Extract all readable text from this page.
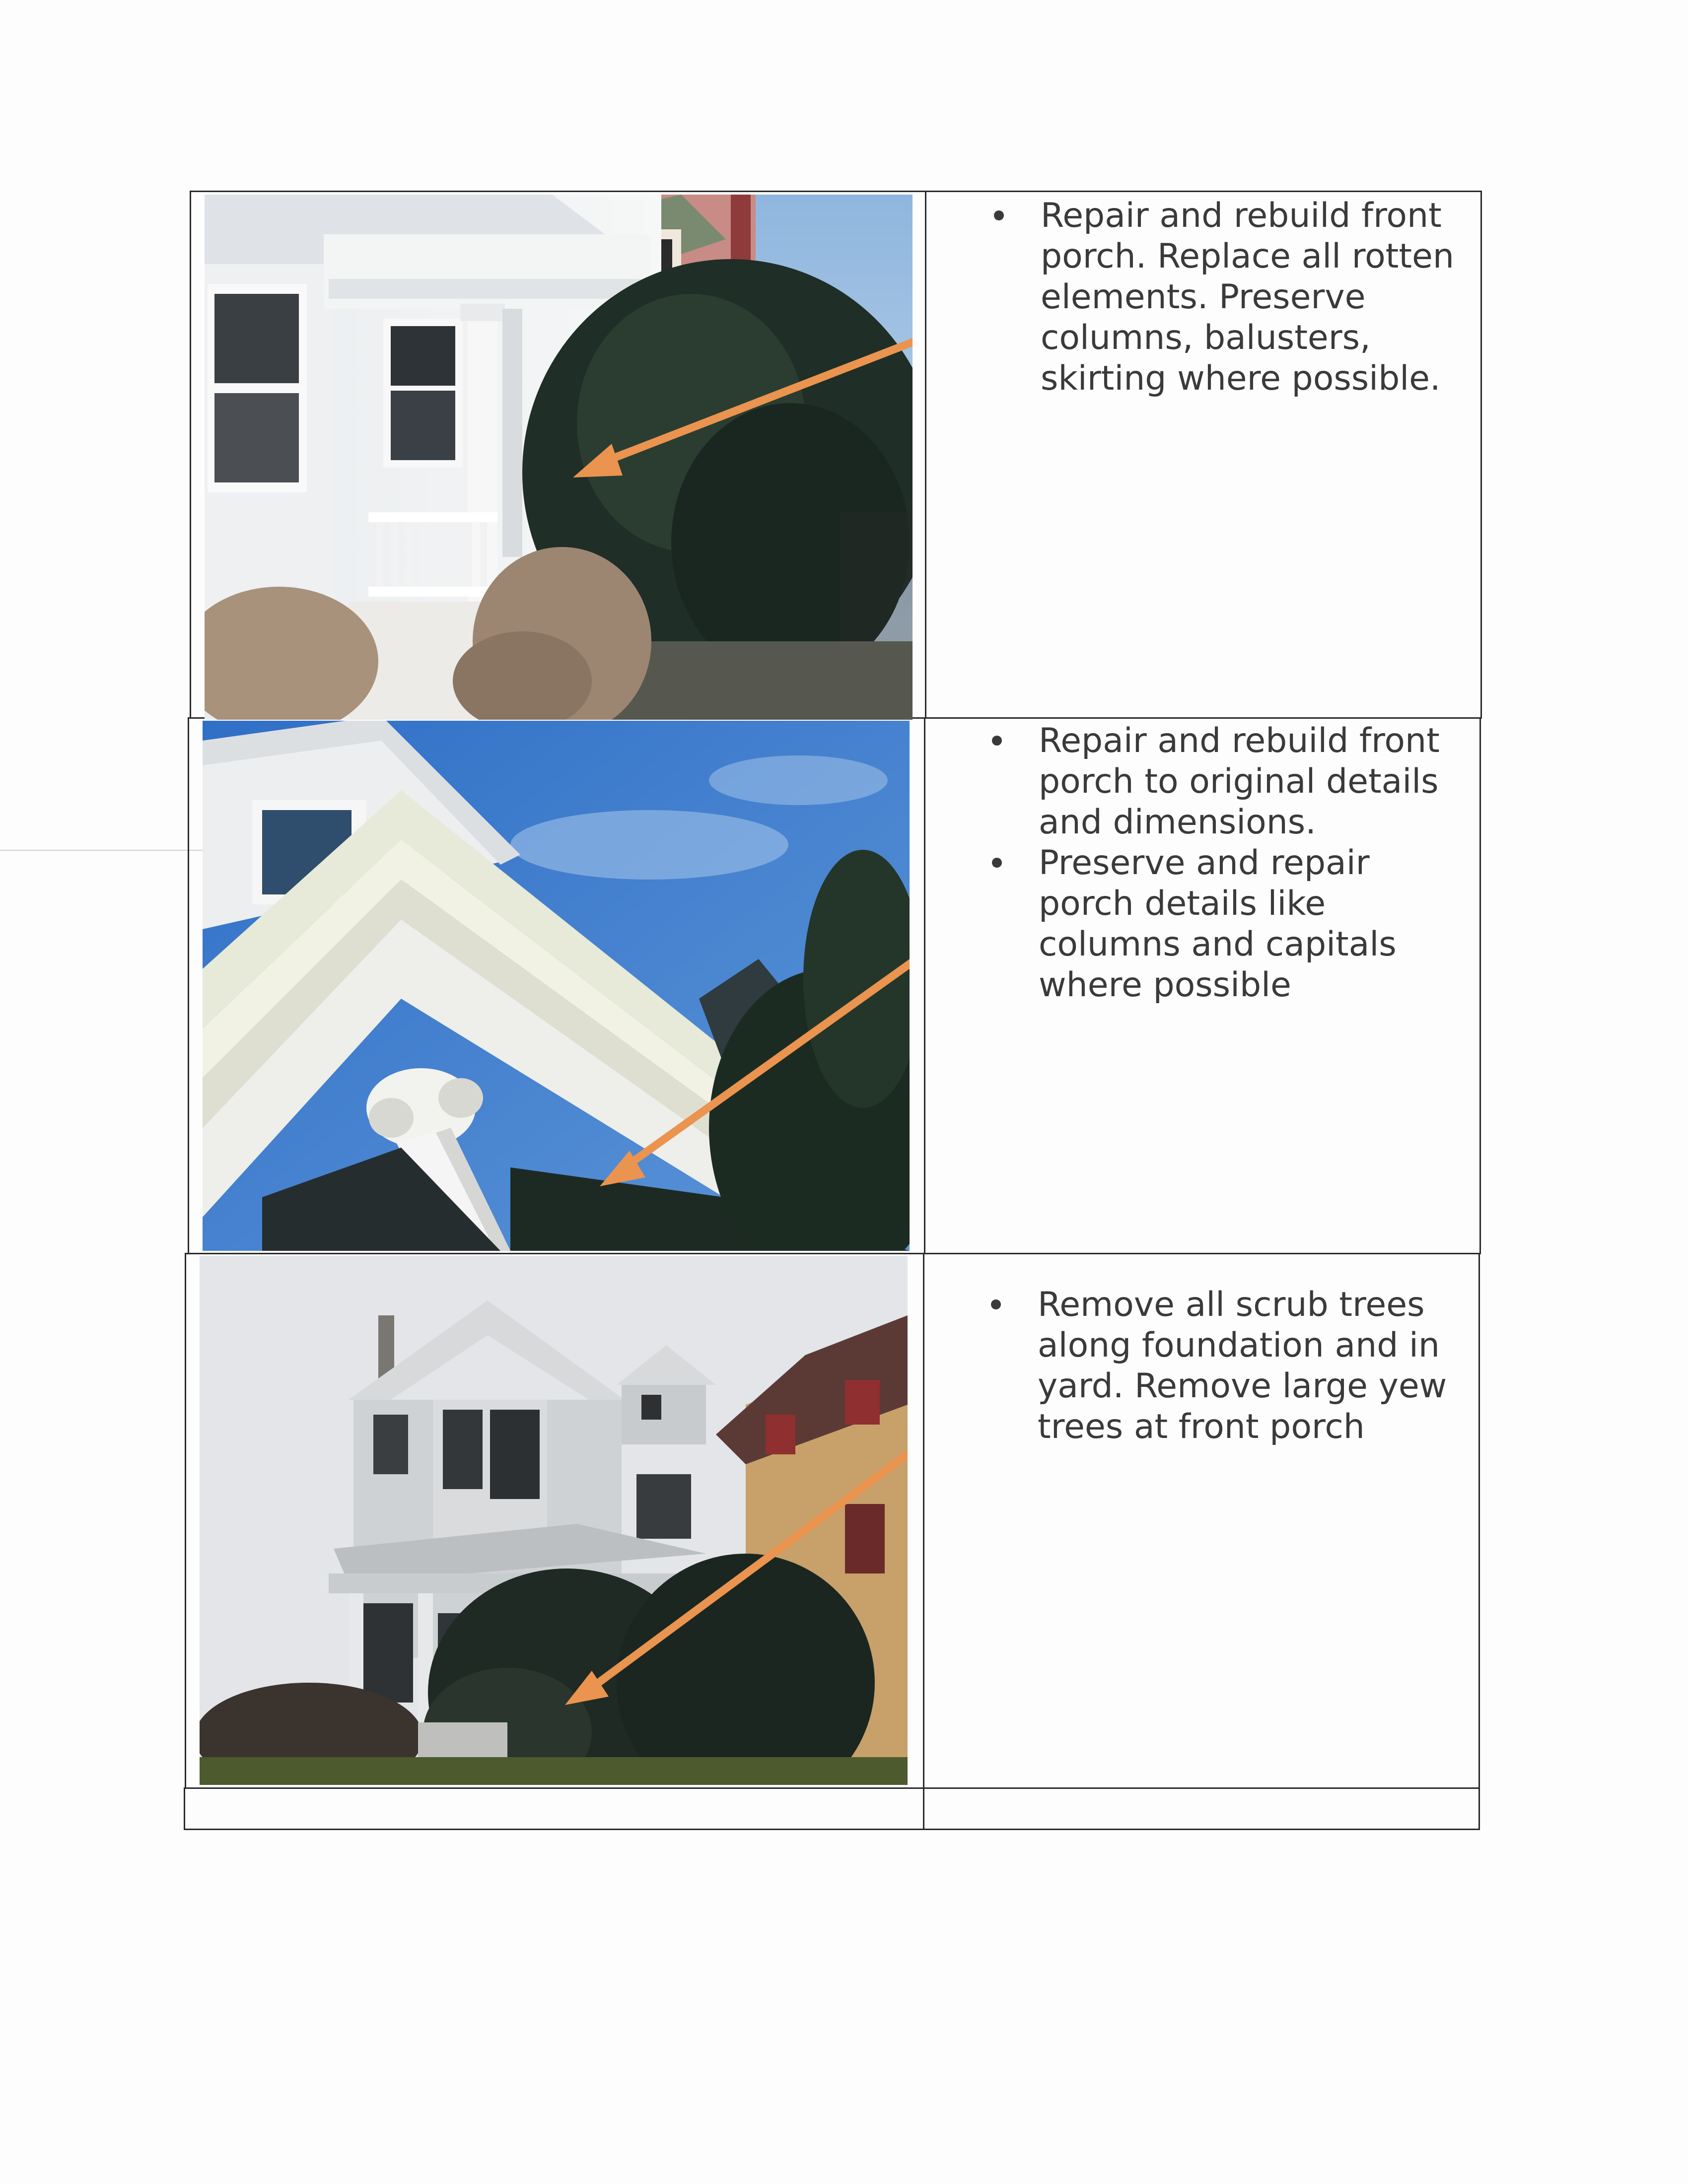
Repair and rebuild front porch. Replace all rotten elements. Preserve columns, balusters, skirting where possible.
Repair and rebuild front porch to original details and dimensions.
Preserve and repair porch details like columns and capitals where possible
Remove all scrub trees along foundation and in yard. Remove large yew trees at front porch
